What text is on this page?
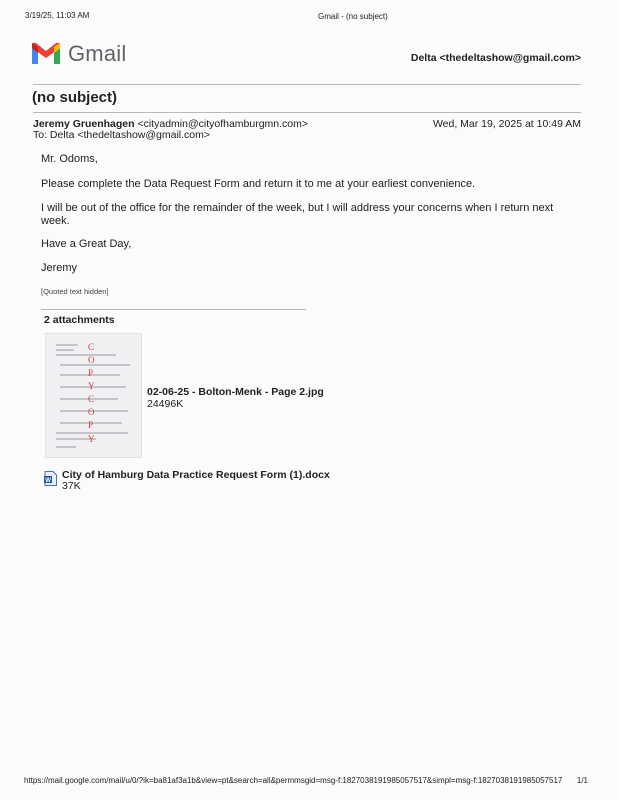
3/19/25, 11:03 AM	Gmail - (no subject)
Gmail	Delta <thedeltashow@gmail.com>
(no subject)
Jeremy Gruenhagen <cityadmin@cityofhamburgmn.com>	Wed, Mar 19, 2025 at 10:49 AM
To: Delta <thedeltashow@gmail.com>
Mr. Odoms,
Please complete the Data Request Form and return it to me at your earliest convenience.
I will be out of the office for the remainder of the week, but I will address your concerns when I return next week.
Have a Great Day,
Jeremy
[Quoted text hidden]
2 attachments
C
O
P
Y
C
O
P
Y
02-06-25 - Bolton-Menk - Page 2.jpg
24496K
W City of Hamburg Data Practice Request Form (1).docx
37K
https://mail.google.com/mail/u/0/?ik=ba81af3a1b&view=pt&search=all&permmsgid=msg-f:1827038191985057517&simpl=msg-f:1827038191985057517 1/1
